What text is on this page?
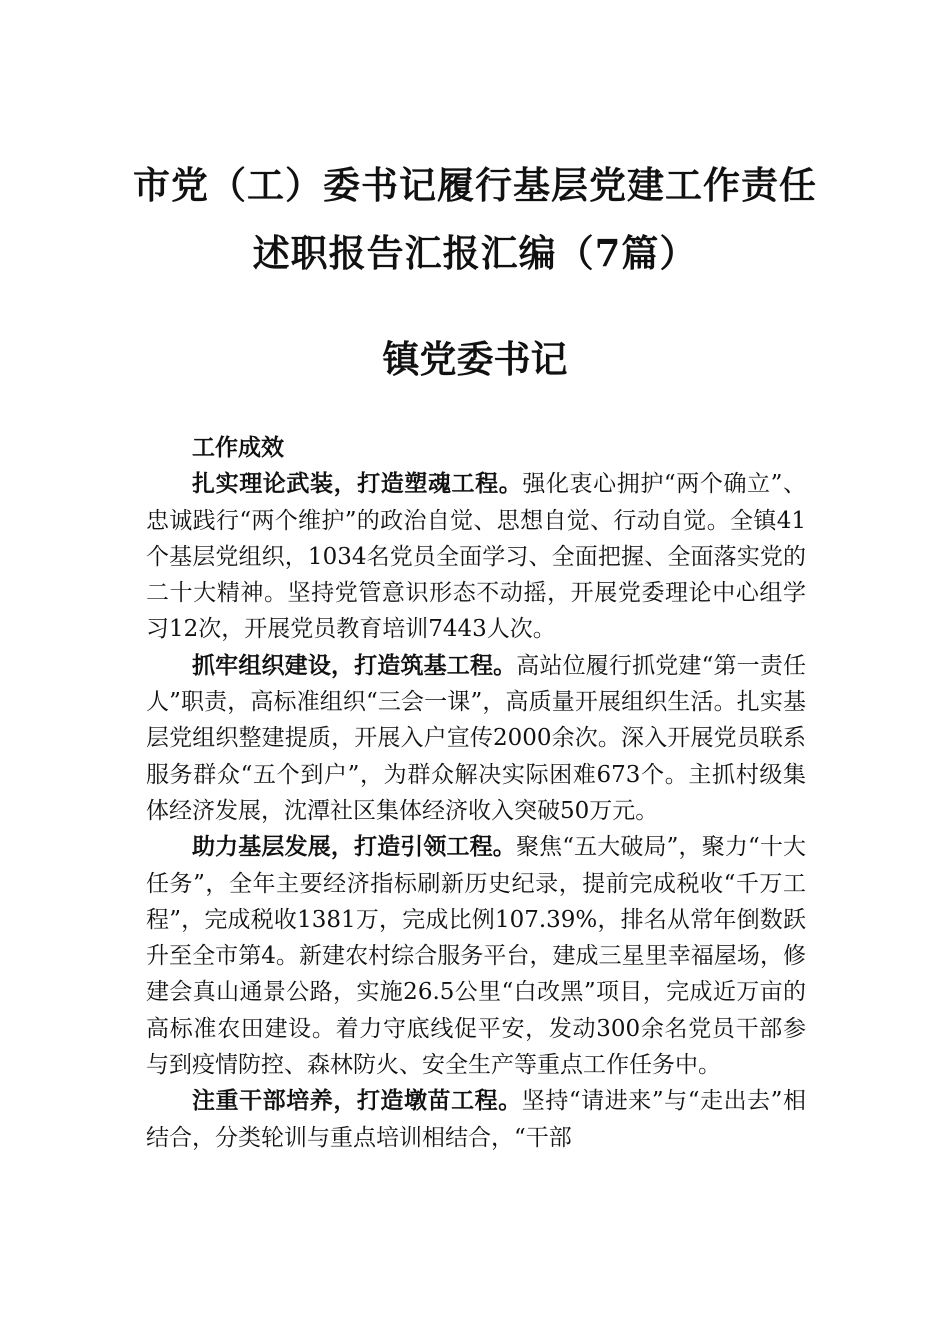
市党（工）委书记履行基层党建工作责任
述职报告汇报汇编（7篇）
镇党委书记

工作成效

扎实理论武装，打造塑魂工程。强化衷心拥护“两个确立”、忠诚践行“两个维护”的政治自觉、思想自觉、行动自觉。全镇41个基层党组织，1034名党员全面学习、全面把握、全面落实党的二十大精神。坚持党管意识形态不动摇，开展党委理论中心组学习12次，开展党员教育培训7443人次。

抓牢组织建设，打造筑基工程。高站位履行抓党建“第一责任人”职责，高标准组织“三会一课”，高质量开展组织生活。扎实基层党组织整建提质，开展入户宣传2000余次。深入开展党员联系服务群众“五个到户”，为群众解决实际困难673个。主抓村级集体经济发展，沈潭社区集体经济收入突破50万元。

助力基层发展，打造引领工程。聚焦“五大破局”，聚力“十大任务”，全年主要经济指标刷新历史纪录，提前完成税收“千万工程”，完成税收1381万，完成比例107.39%，排名从常年倒数跃升至全市第4。新建农村综合服务平台，建成三星里幸福屋场，修建会真山通景公路，实施26.5公里“白改黑”项目，完成近万亩的高标准农田建设。着力守底线促平安，发动300余名党员干部参与到疫情防控、森林防火、安全生产等重点工作任务中。

注重干部培养，打造墩苗工程。坚持“请进来”与“走出去”相结合，分类轮训与重点培训相结合，“干部
